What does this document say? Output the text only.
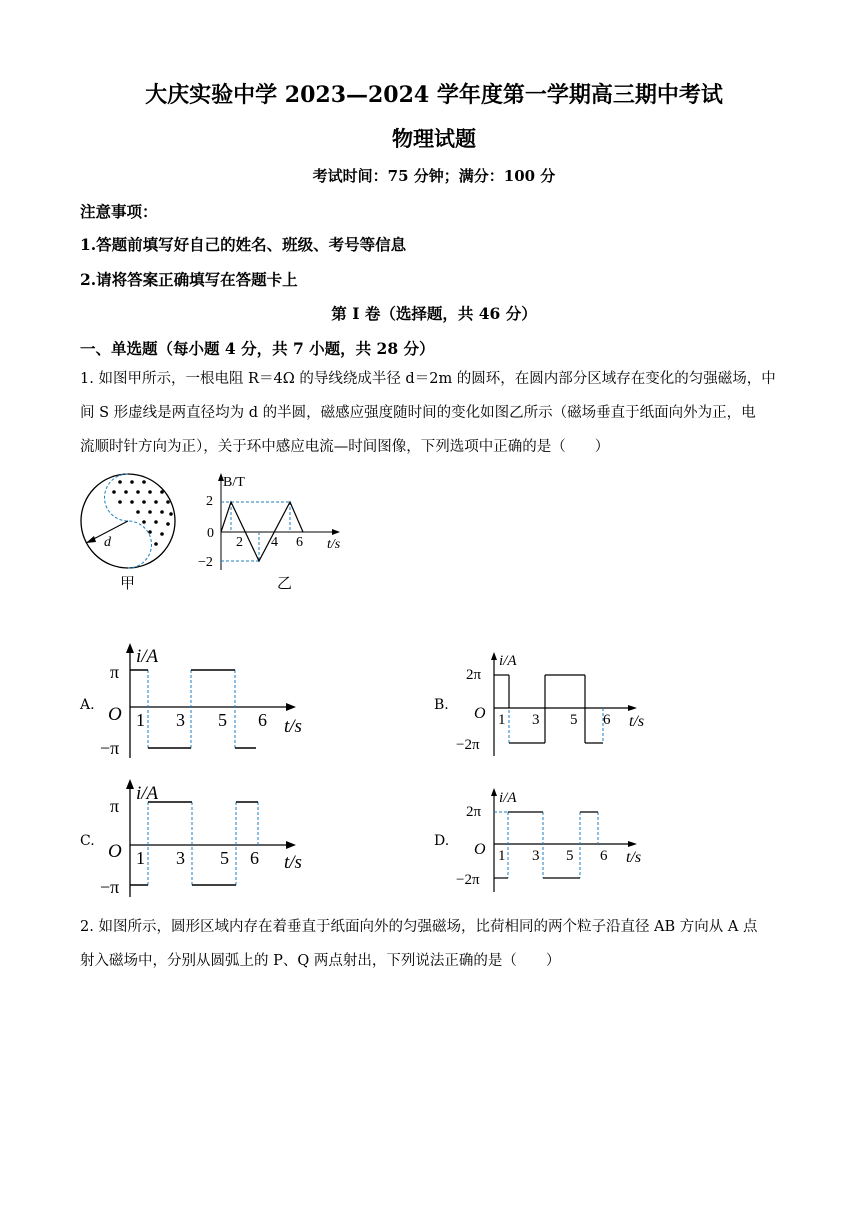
大庆实验中学 2023—2024 学年度第一学期高三期中考试
物理试题
考试时间：75 分钟；满分：100 分
注意事项：
1.答题前填写好自己的姓名、班级、考号等信息
2.请将答案正确填写在答题卡上
第 I 卷（选择题，共 46 分）
一、单选题（每小题 4 分，共 7 小题，共 28 分）
1. 如图甲所示，一根电阻 R＝4Ω 的导线绕成半径 d＝2m 的圆环，在圆内部分区域存在变化的匀强磁场，中
间 S 形虚线是两直径均为 d 的半圆，磁感应强度随时间的变化如图乙所示（磁场垂直于纸面向外为正，电
流顺时针方向为正），关于环中感应电流—时间图像，下列选项中正确的是（　　）
d
甲
B/T
t/s
2
0
−2
2 4 6
乙
A.
i/A
π
O
−π
1 3 5 6 t/s
B.
i/A
2π
O
−2π
1 3 5 6 t/s
C.
i/A
π
O
−π
1 3 5 6 t/s
D.
i/A
2π
O
−2π
1 3 5 6 t/s
2. 如图所示，圆形区域内存在着垂直于纸面向外的匀强磁场，比荷相同的两个粒子沿直径 AB 方向从 A 点
射入磁场中，分别从圆弧上的 P、Q 两点射出，下列说法正确的是（　　）
